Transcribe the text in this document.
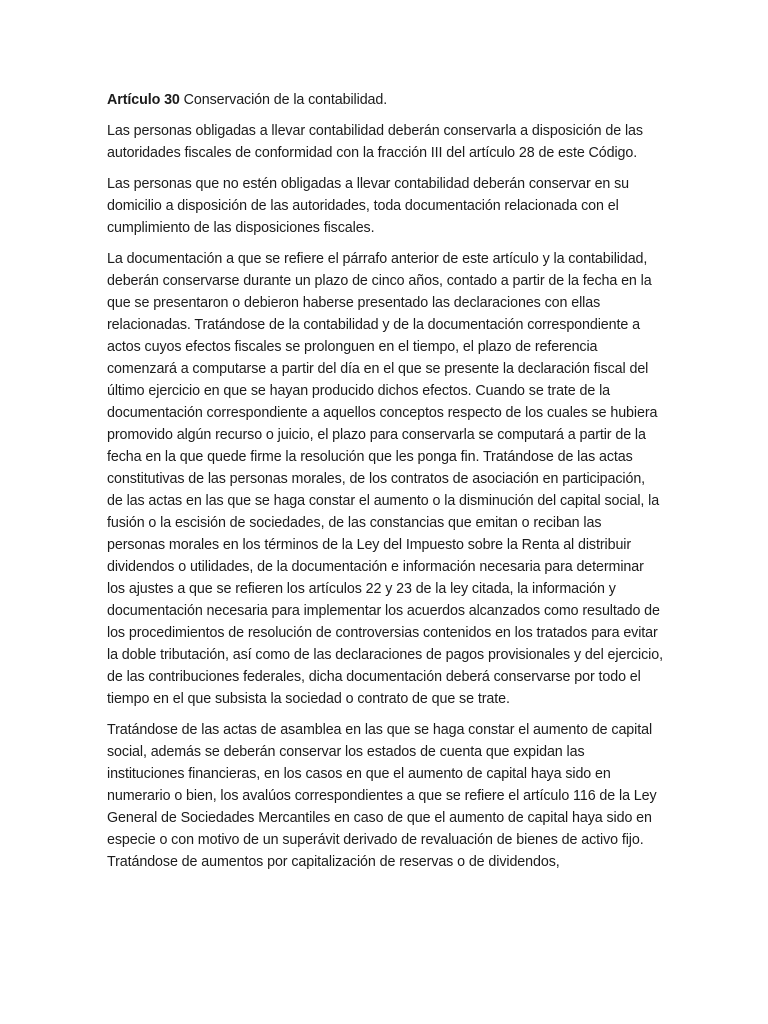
Artículo 30 Conservación de la contabilidad.

Las personas obligadas a llevar contabilidad deberán conservarla a disposición de las autoridades fiscales de conformidad con la fracción III del artículo 28 de este Código.

Las personas que no estén obligadas a llevar contabilidad deberán conservar en su domicilio a disposición de las autoridades, toda documentación relacionada con el cumplimiento de las disposiciones fiscales.

La documentación a que se refiere el párrafo anterior de este artículo y la contabilidad, deberán conservarse durante un plazo de cinco años, contado a partir de la fecha en la que se presentaron o debieron haberse presentado las declaraciones con ellas relacionadas. Tratándose de la contabilidad y de la documentación correspondiente a actos cuyos efectos fiscales se prolonguen en el tiempo, el plazo de referencia comenzará a computarse a partir del día en el que se presente la declaración fiscal del último ejercicio en que se hayan producido dichos efectos. Cuando se trate de la documentación correspondiente a aquellos conceptos respecto de los cuales se hubiera promovido algún recurso o juicio, el plazo para conservarla se computará a partir de la fecha en la que quede firme la resolución que les ponga fin. Tratándose de las actas constitutivas de las personas morales, de los contratos de asociación en participación, de las actas en las que se haga constar el aumento o la disminución del capital social, la fusión o la escisión de sociedades, de las constancias que emitan o reciban las personas morales en los términos de la Ley del Impuesto sobre la Renta al distribuir dividendos o utilidades, de la documentación e información necesaria para determinar los ajustes a que se refieren los artículos 22 y 23 de la ley citada, la información y documentación necesaria para implementar los acuerdos alcanzados como resultado de los procedimientos de resolución de controversias contenidos en los tratados para evitar la doble tributación, así como de las declaraciones de pagos provisionales y del ejercicio, de las contribuciones federales, dicha documentación deberá conservarse por todo el tiempo en el que subsista la sociedad o contrato de que se trate.

Tratándose de las actas de asamblea en las que se haga constar el aumento de capital social, además se deberán conservar los estados de cuenta que expidan las instituciones financieras, en los casos en que el aumento de capital haya sido en numerario o bien, los avalúos correspondientes a que se refiere el artículo 116 de la Ley General de Sociedades Mercantiles en caso de que el aumento de capital haya sido en especie o con motivo de un superávit derivado de revaluación de bienes de activo fijo. Tratándose de aumentos por capitalización de reservas o de dividendos,
